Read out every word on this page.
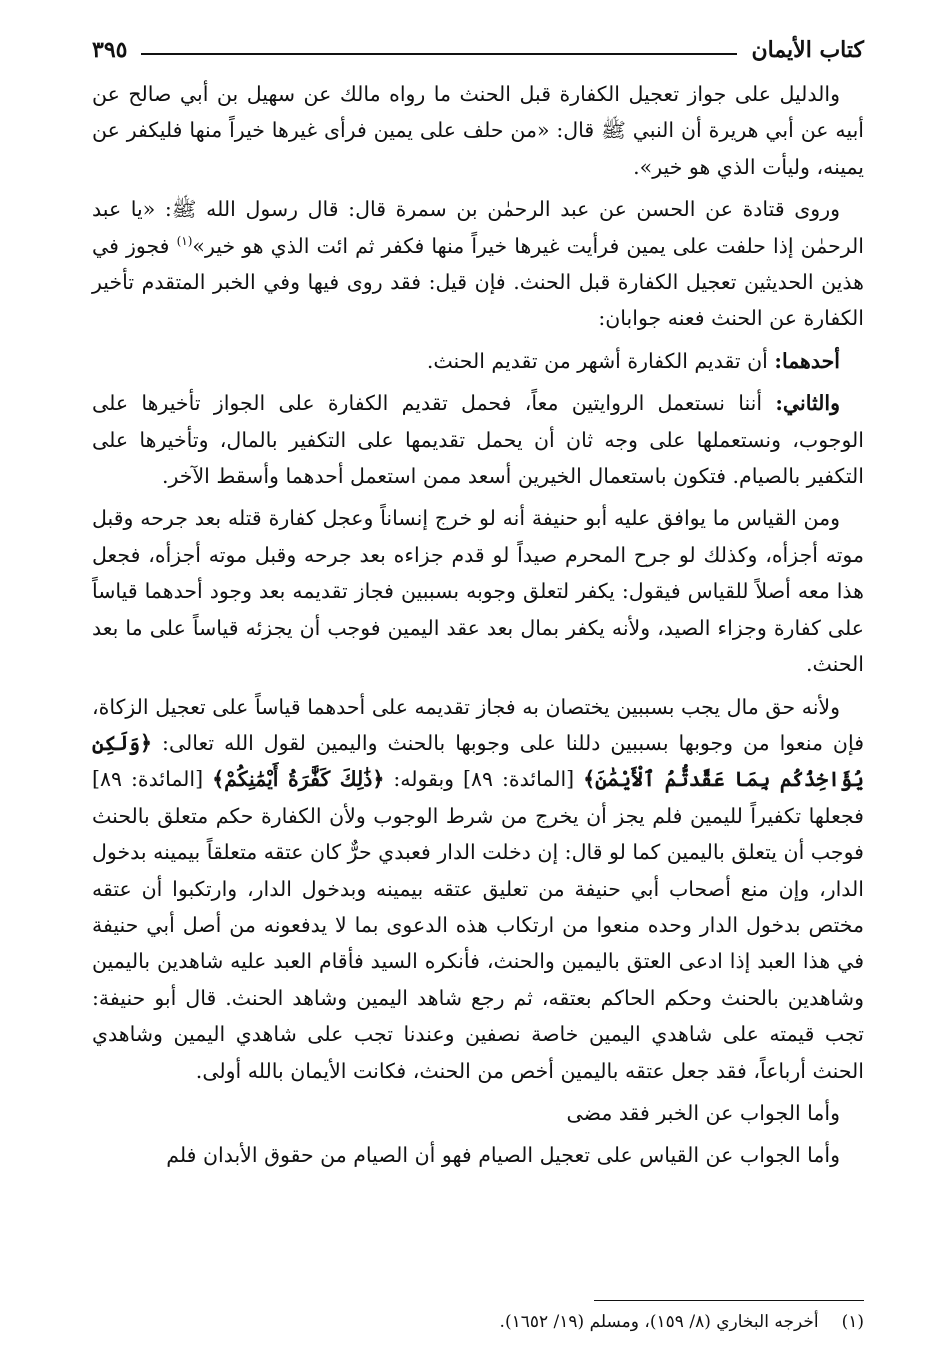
كتاب الأيمان
٣٩٥

والدليل على جواز تعجيل الكفارة قبل الحنث ما رواه مالك عن سهيل بن أبي صالح عن أبيه عن أبي هريرة أن النبي ﷺ قال: «من حلف على يمين فرأى غيرها خيراً منها فليكفر عن يمينه، وليأت الذي هو خير».

وروى قتادة عن الحسن عن عبد الرحمٰن بن سمرة قال: قال رسول الله ﷺ: «يا عبد الرحمٰن إذا حلفت على يمين فرأيت غيرها خيراً منها فكفر ثم ائت الذي هو خير»$^{(١)}$ فجوز في هذين الحديثين تعجيل الكفارة قبل الحنث. فإن قيل: فقد روى فيها وفي الخبر المتقدم تأخير الكفارة عن الحنث فعنه جوابان:

أحدهما: أن تقديم الكفارة أشهر من تقديم الحنث.

والثاني: أننا نستعمل الروايتين معاً، فحمل تقديم الكفارة على الجواز تأخيرها على الوجوب، ونستعملها على وجه ثان أن يحمل تقديمها على التكفير بالمال، وتأخيرها على التكفير بالصيام. فتكون باستعمال الخيرين أسعد ممن استعمل أحدهما وأسقط الآخر.

ومن القياس ما يوافق عليه أبو حنيفة أنه لو خرج إنساناً وعجل كفارة قتله بعد جرحه وقبل موته أجزأه، وكذلك لو جرح المحرم صيداً لو قدم جزاءه بعد جرحه وقبل موته أجزأه، فجعل هذا معه أصلاً للقياس فيقول: يكفر لتعلق وجوبه بسببين فجاز تقديمه بعد وجود أحدهما قياساً على كفارة وجزاء الصيد، ولأنه يكفر بمال بعد عقد اليمين فوجب أن يجزئه قياساً على ما بعد الحنث.

ولأنه حق مال يجب بسببين يختصان به فجاز تقديمه على أحدهما قياساً على تعجيل الزكاة، فإن منعوا من وجوبها بسببين دللنا على وجوبها بالحنث واليمين لقول الله تعالى: ﴿وَلَكِن يُؤَاخِذُكُم بِمَا عَقَّدتُّمُ ٱلْأَيْمَٰنَ﴾ [المائدة: ٨٩] وبقوله: ﴿ذَٰلِكَ كَفَّٰرَةُ أَيْمَٰنِكُمْ﴾ [المائدة: ٨٩] فجعلها تكفيراً لليمين فلم يجز أن يخرج من شرط الوجوب ولأن الكفارة حكم متعلق بالحنث فوجب أن يتعلق باليمين كما لو قال: إن دخلت الدار فعبدي حرٌّ كان عتقه متعلقاً بيمينه بدخول الدار، وإن منع أصحاب أبي حنيفة من تعليق عتقه بيمينه وبدخول الدار، وارتكبوا أن عتقه مختص بدخول الدار وحده منعوا من ارتكاب هذه الدعوى بما لا يدفعونه من أصل أبي حنيفة في هذا العبد إذا ادعى العتق باليمين والحنث، فأنكره السيد فأقام العبد عليه شاهدين باليمين وشاهدين بالحنث وحكم الحاكم بعتقه، ثم رجع شاهد اليمين وشاهد الحنث. قال أبو حنيفة: تجب قيمته على شاهدي اليمين خاصة نصفين وعندنا تجب على شاهدي اليمين وشاهدي الحنث أرباعاً، فقد جعل عتقه باليمين أخص من الحنث، فكانت الأيمان بالله أولى.

وأما الجواب عن الخبر فقد مضى

وأما الجواب عن القياس على تعجيل الصيام فهو أن الصيام من حقوق الأبدان فلم

(١) أخرجه البخاري (٨/ ١٥٩)، ومسلم (١٩/ ١٦٥٢).
